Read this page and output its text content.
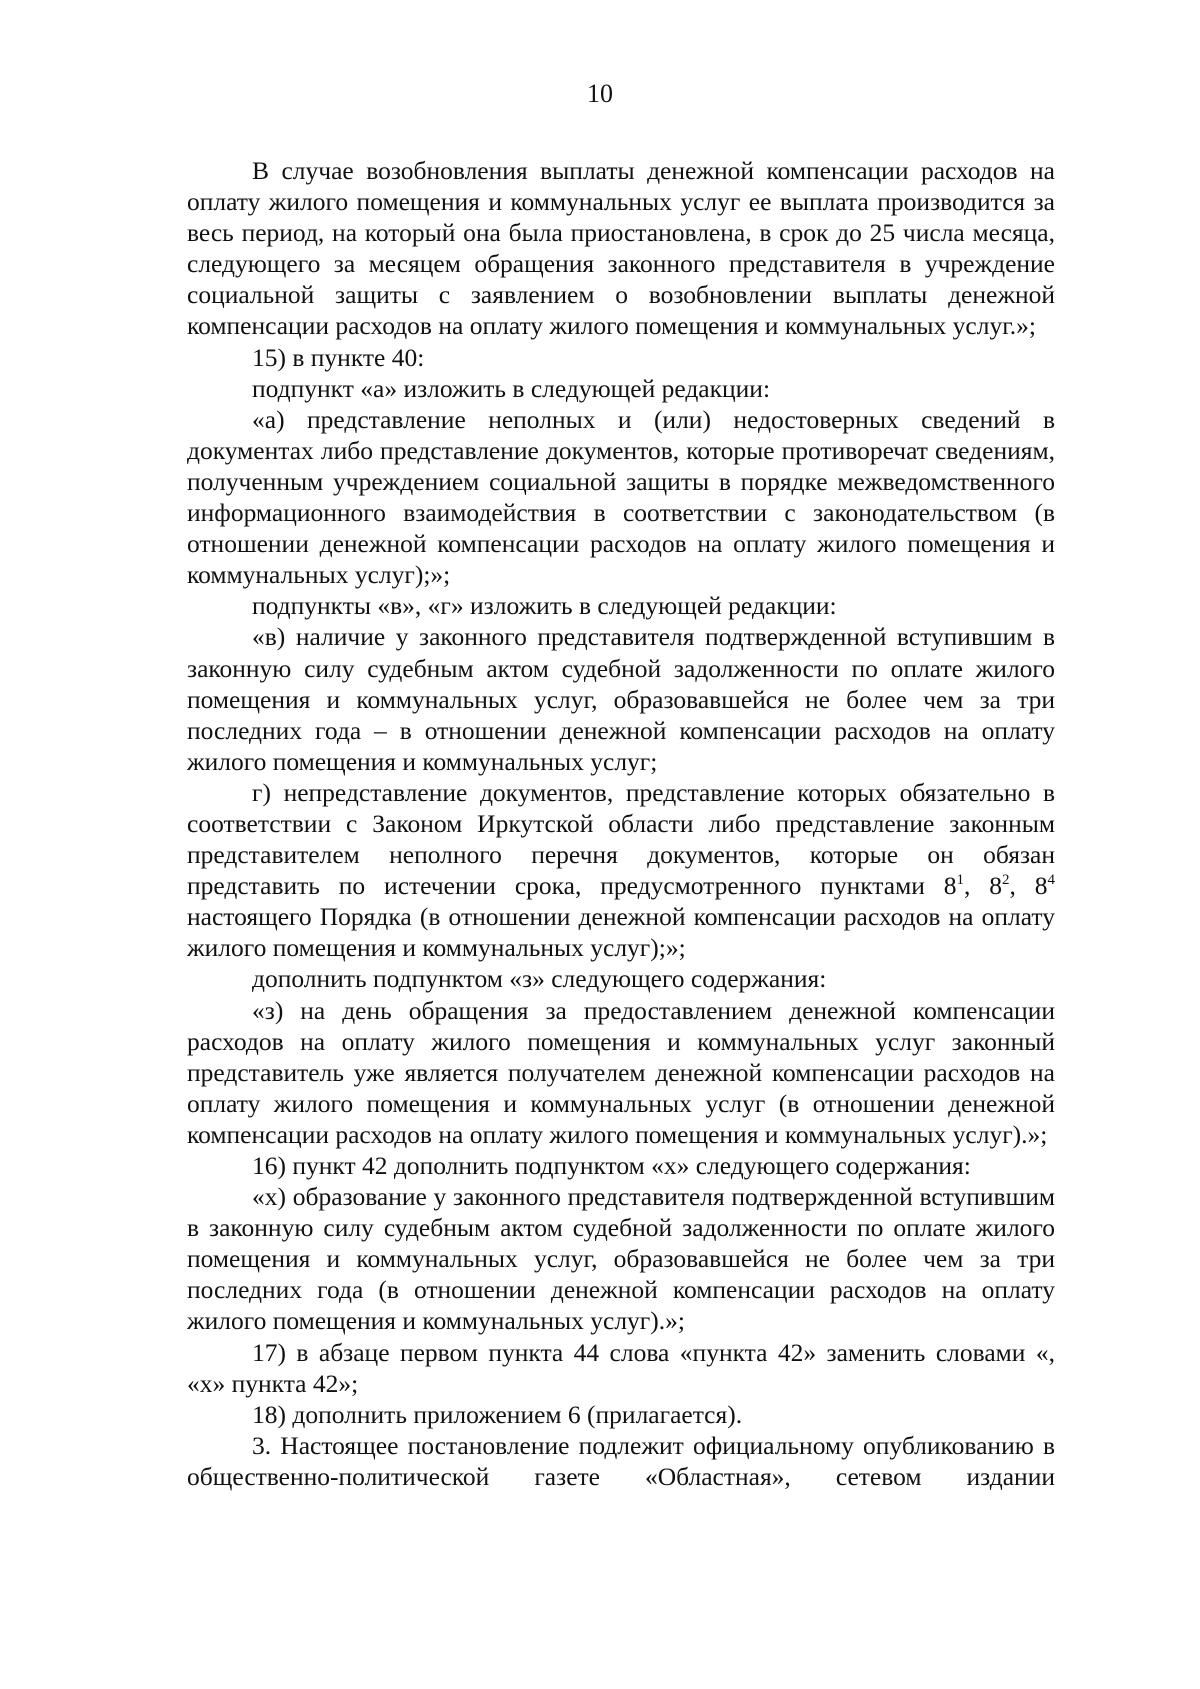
10

В случае возобновления выплаты денежной компенсации расходов на оплату жилого помещения и коммунальных услуг ее выплата производится за весь период, на который она была приостановлена, в срок до 25 числа месяца, следующего за месяцем обращения законного представителя в учреждение социальной защиты с заявлением о возобновлении выплаты денежной компенсации расходов на оплату жилого помещения и коммунальных услуг.»;

15) в пункте 40:

подпункт «а» изложить в следующей редакции:

«а) представление неполных и (или) недостоверных сведений в документах либо представление документов, которые противоречат сведениям, полученным учреждением социальной защиты в порядке межведомственного информационного взаимодействия в соответствии с законодательством (в отношении денежной компенсации расходов на оплату жилого помещения и коммунальных услуг);»;

подпункты «в», «г» изложить в следующей редакции:

«в) наличие у законного представителя подтвержденной вступившим в законную силу судебным актом судебной задолженности по оплате жилого помещения и коммунальных услуг, образовавшейся не более чем за три последних года – в отношении денежной компенсации расходов на оплату жилого помещения и коммунальных услуг;

г) непредставление документов, представление которых обязательно в соответствии с Законом Иркутской области либо представление законным представителем неполного перечня документов, которые он обязан представить по истечении срока, предусмотренного пунктами $8^1$, $8^2$, $8^4$ настоящего Порядка (в отношении денежной компенсации расходов на оплату жилого помещения и коммунальных услуг);»;

дополнить подпунктом «з» следующего содержания:

«з) на день обращения за предоставлением денежной компенсации расходов на оплату жилого помещения и коммунальных услуг законный представитель уже является получателем денежной компенсации расходов на оплату жилого помещения и коммунальных услуг (в отношении денежной компенсации расходов на оплату жилого помещения и коммунальных услуг).»;

16) пункт 42 дополнить подпунктом «х» следующего содержания:

«х) образование у законного представителя подтвержденной вступившим в законную силу судебным актом судебной задолженности по оплате жилого помещения и коммунальных услуг, образовавшейся не более чем за три последних года (в отношении денежной компенсации расходов на оплату жилого помещения и коммунальных услуг).»;

17) в абзаце первом пункта 44 слова «пункта 42» заменить словами «, «х» пункта 42»;

18) дополнить приложением 6 (прилагается).

3. Настоящее постановление подлежит официальному опубликованию в общественно-политической газете «Областная», сетевом издании
